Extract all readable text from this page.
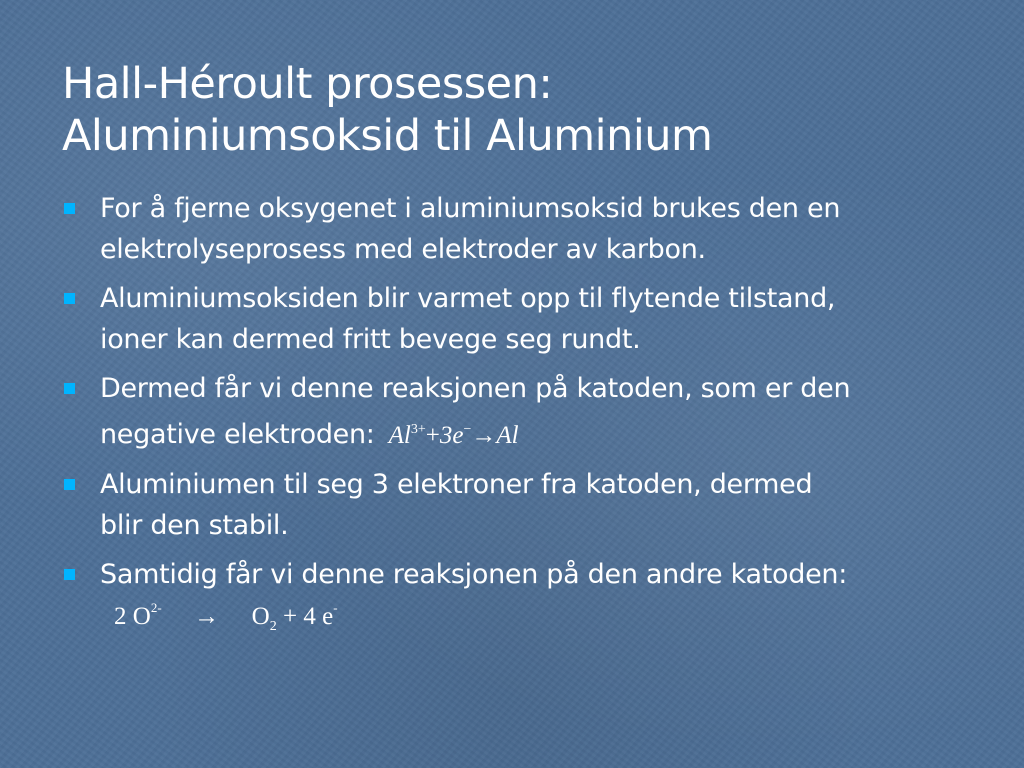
Hall-Héroult prosessen:
Aluminiumsoksid til Aluminium
For å fjerne oksygenet i aluminiumsoksid brukes den en
elektrolyseprosess med elektroder av karbon.
Aluminiumsoksiden blir varmet opp til flytende tilstand,
ioner kan dermed fritt bevege seg rundt.
Dermed får vi denne reaksjonen på katoden, som er den
negative elektroden: $Al^{3+}+3e^-\to Al$
Aluminiumen til seg 3 elektroner fra katoden, dermed
blir den stabil.
Samtidig får vi denne reaksjonen på den andre katoden:
2 $O^{2-} \to O_2 + 4$ e-
